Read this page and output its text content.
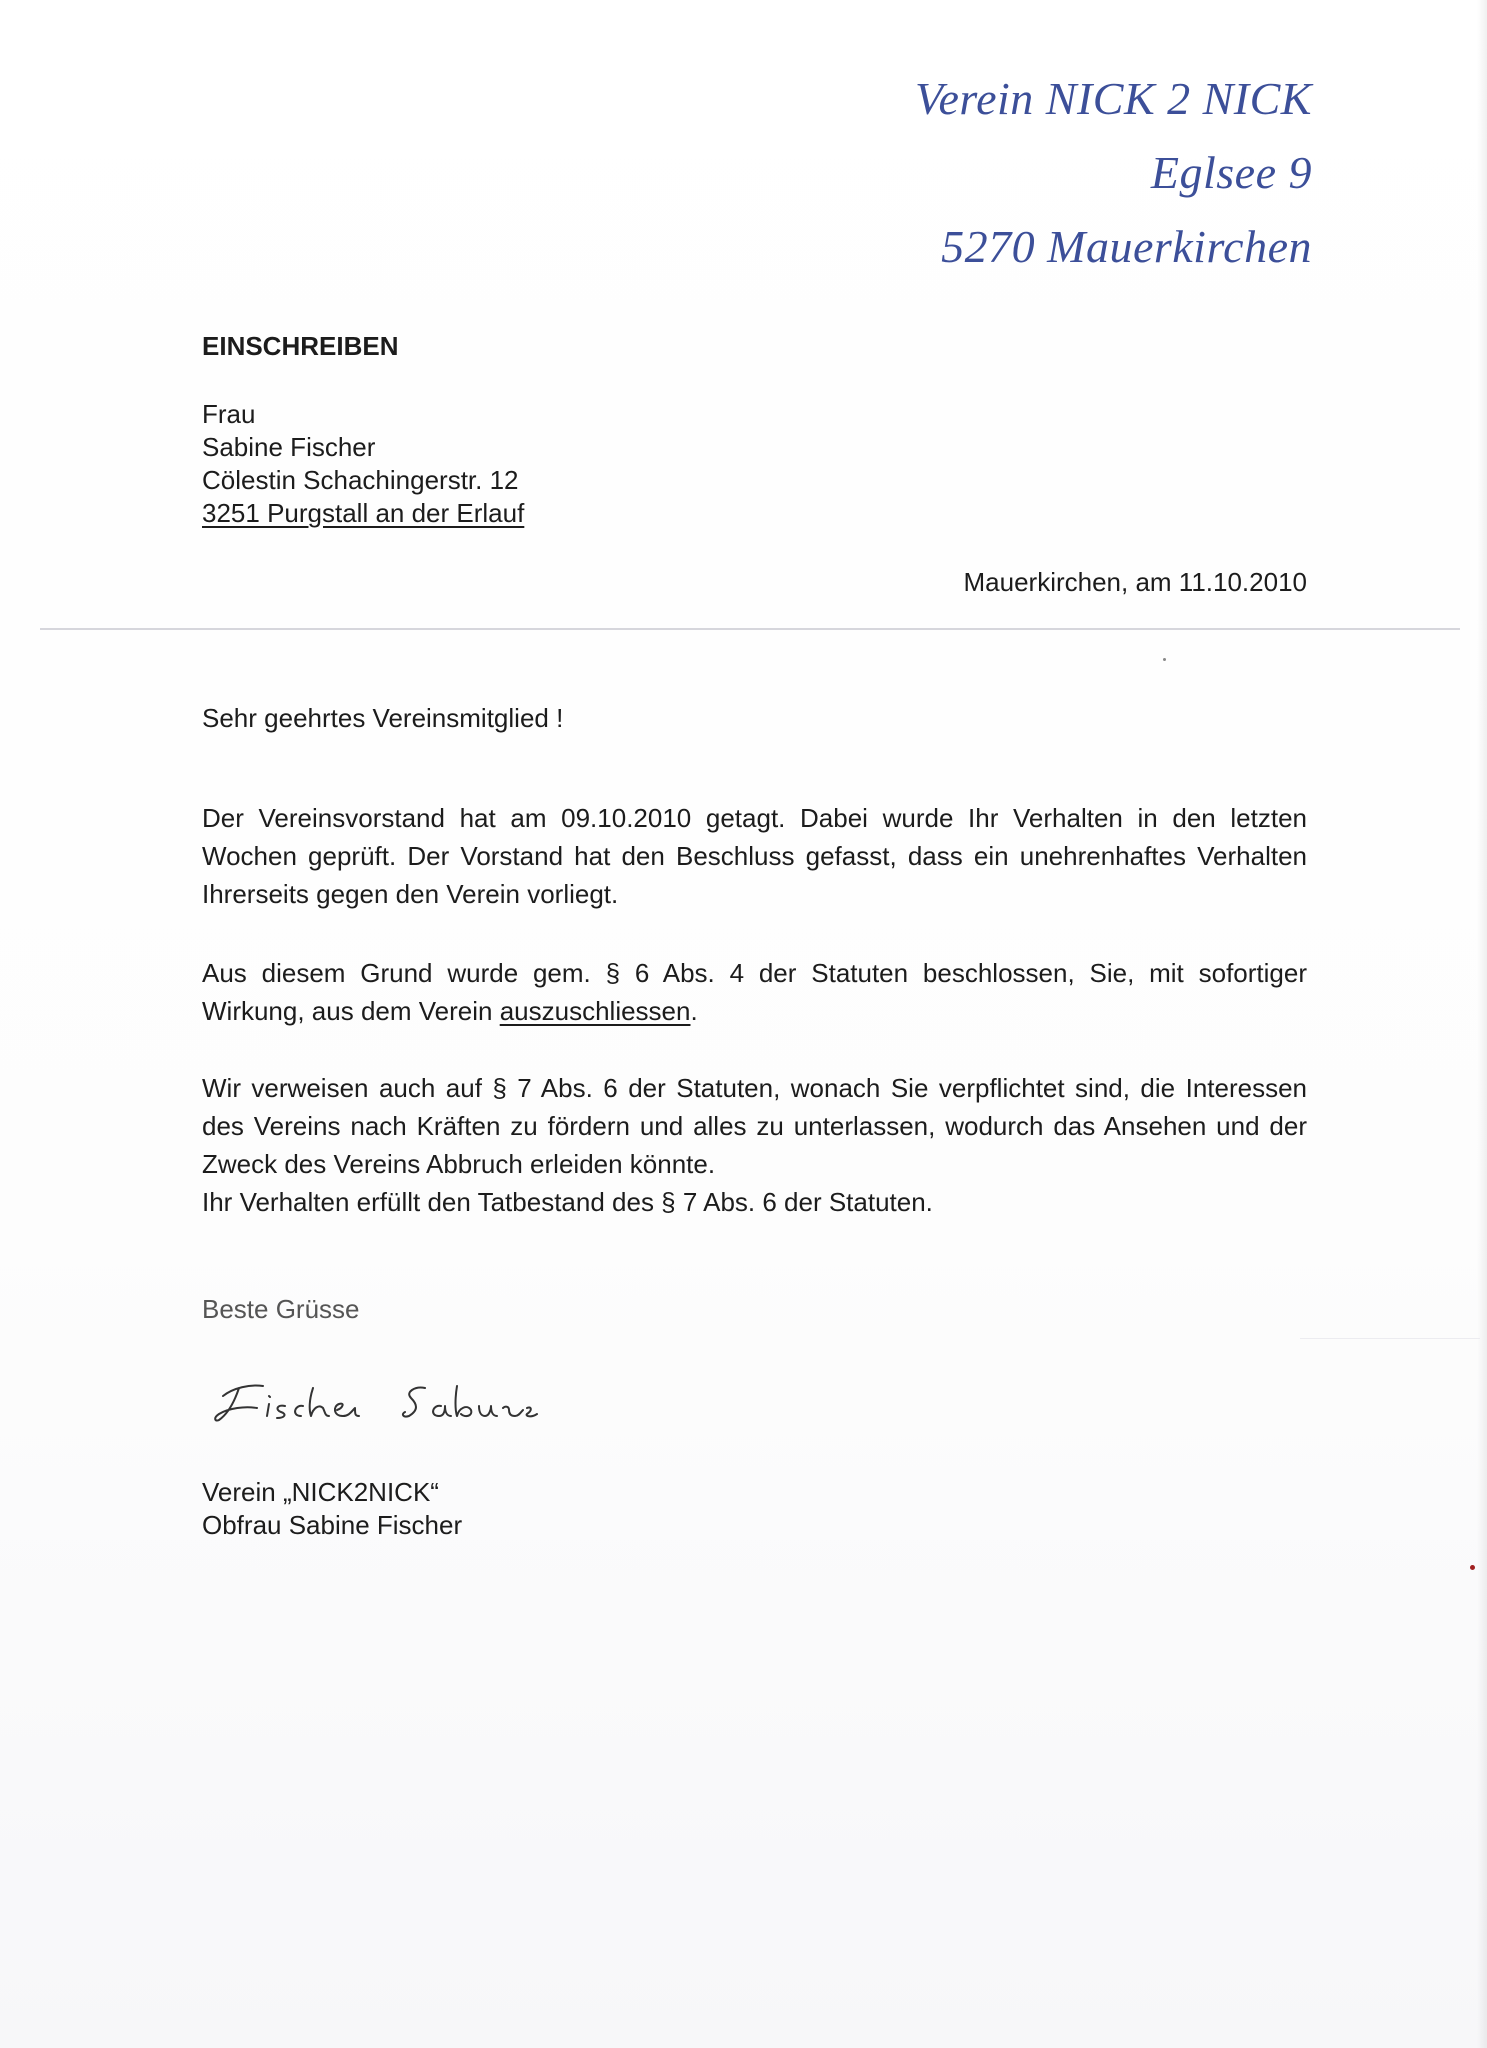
Verein NICK 2 NICK
Eglsee 9
5270 Mauerkirchen
EINSCHREIBEN
Frau
Sabine Fischer
Cölestin Schachingerstr. 12
3251 Purgstall an der Erlauf
Mauerkirchen, am 11.10.2010
Sehr geehrtes Vereinsmitglied !

Der Vereinsvorstand hat am 09.10.2010 getagt. Dabei wurde Ihr Verhalten in den letzten Wochen geprüft. Der Vorstand hat den Beschluss gefasst, dass ein unehrenhaftes Verhalten Ihrerseits gegen den Verein vorliegt.

Aus diesem Grund wurde gem. § 6 Abs. 4 der Statuten beschlossen, Sie, mit sofortiger Wirkung, aus dem Verein auszuschliessen.

Wir verweisen auch auf § 7 Abs. 6 der Statuten, wonach Sie verpflichtet sind, die Interessen des Vereins nach Kräften zu fördern und alles zu unterlassen, wodurch das Ansehen und der Zweck des Vereins Abbruch erleiden könnte.

Ihr Verhalten erfüllt den Tatbestand des § 7 Abs. 6 der Statuten.

Beste Grüsse
Verein „NICK2NICK“
Obfrau Sabine Fischer
